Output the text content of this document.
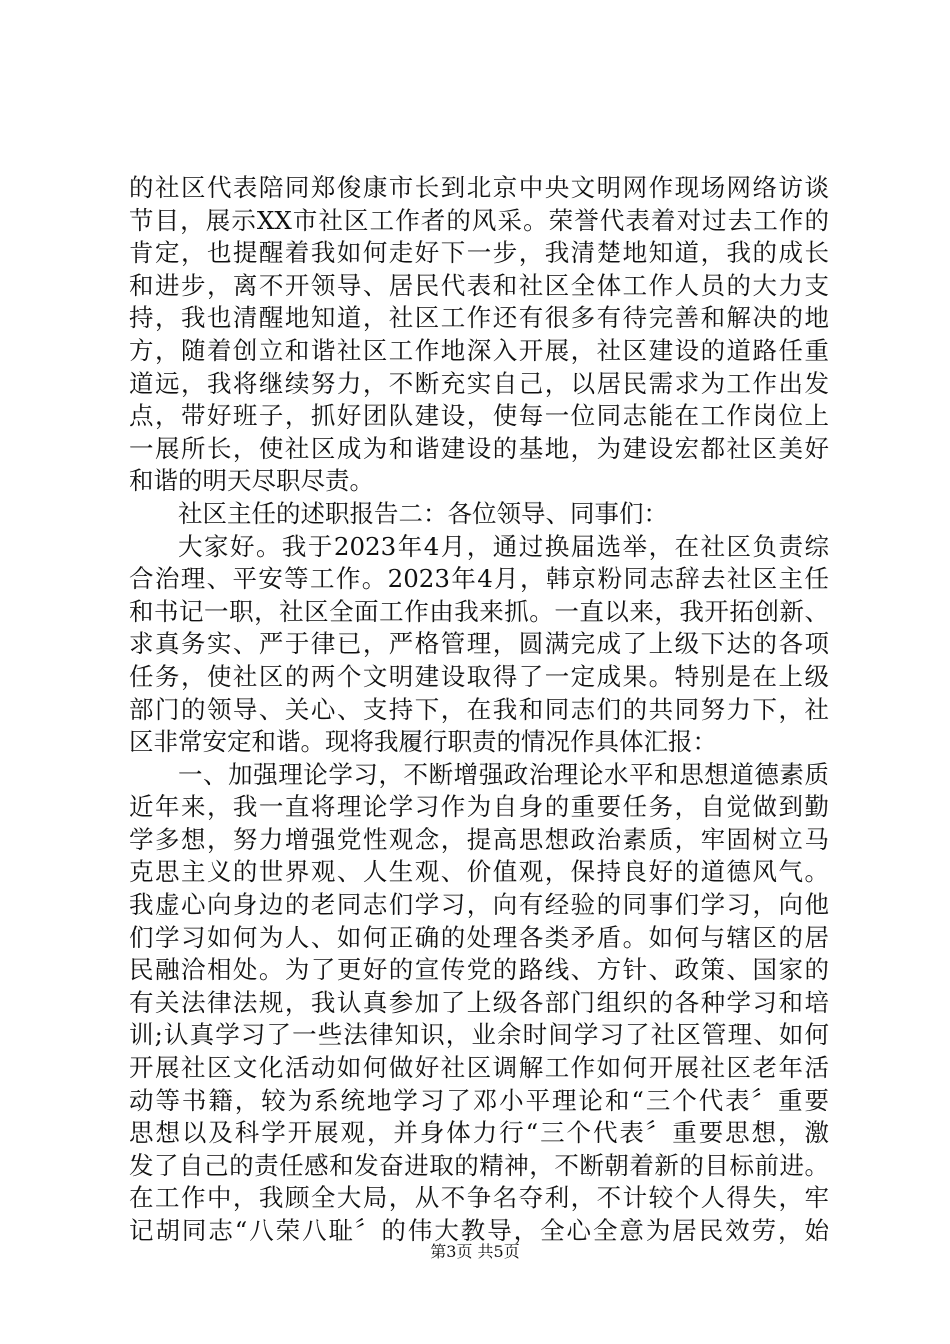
的社区代表陪同郑俊康市长到北京中央文明网作现场网络访谈
节目，展示XX市社区工作者的风采。荣誉代表着对过去工作的
肯定，也提醒着我如何走好下一步，我清楚地知道，我的成长
和进步，离不开领导、居民代表和社区全体工作人员的大力支
持，我也清醒地知道，社区工作还有很多有待完善和解决的地
方，随着创立和谐社区工作地深入开展，社区建设的道路任重
道远，我将继续努力，不断充实自己，以居民需求为工作出发
点，带好班子，抓好团队建设，使每一位同志能在工作岗位上
一展所长，使社区成为和谐建设的基地，为建设宏都社区美好
和谐的明天尽职尽责。
社区主任的述职报告二：各位领导、同事们：
大家好。我于2023年4月，通过换届选举，在社区负责综
合治理、平安等工作。2023年4月，韩京粉同志辞去社区主任
和书记一职，社区全面工作由我来抓。一直以来，我开拓创新、
求真务实、严于律已，严格管理，圆满完成了上级下达的各项
任务，使社区的两个文明建设取得了一定成果。特别是在上级
部门的领导、关心、支持下，在我和同志们的共同努力下，社
区非常安定和谐。现将我履行职责的情况作具体汇报：
一、加强理论学习，不断增强政治理论水平和思想道德素质
近年来，我一直将理论学习作为自身的重要任务，自觉做到勤
学多想，努力增强党性观念，提高思想政治素质，牢固树立马
克思主义的世界观、人生观、价值观，保持良好的道德风气。
我虚心向身边的老同志们学习，向有经验的同事们学习，向他
们学习如何为人、如何正确的处理各类矛盾。如何与辖区的居
民融洽相处。为了更好的宣传党的路线、方针、政策、国家的
有关法律法规，我认真参加了上级各部门组织的各种学习和培
训;认真学习了一些法律知识，业余时间学习了社区管理、如何
开展社区文化活动如何做好社区调解工作如何开展社区老年活
动等书籍，较为系统地学习了邓小平理论和“三个代表〞重要
思想以及科学开展观，并身体力行“三个代表〞重要思想，激
发了自己的责任感和发奋进取的精神，不断朝着新的目标前进。
在工作中，我顾全大局，从不争名夺利，不计较个人得失，牢
记胡同志“八荣八耻〞的伟大教导，全心全意为居民效劳，始
第3页 共5页
